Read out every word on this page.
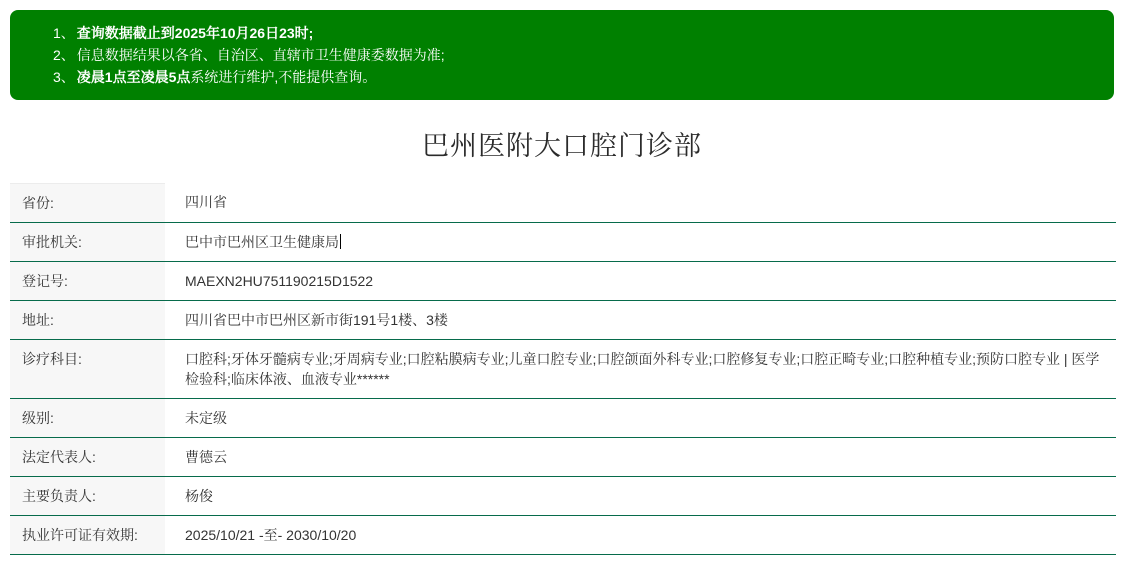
1、 查询数据截止到2025年10月26日23时;
2、 信息数据结果以各省、自治区、直辖市卫生健康委数据为准;
3、 凌晨1点至凌晨5点系统进行维护,不能提供查询。
巴州医附大口腔门诊部
省份:	四川省
审批机关:	巴中市巴州区卫生健康局
登记号:	MAEXN2HU751190215D1522
地址:	四川省巴中市巴州区新市街191号1楼、3楼
诊疗科目:	口腔科;牙体牙髓病专业;牙周病专业;口腔粘膜病专业;儿童口腔专业;口腔颌面外科专业;口腔修复专业;口腔正畸专业;口腔种植专业;预防口腔专业 | 医学检验科;临床体液、血液专业******
级别:	未定级
法定代表人:	曹德云
主要负责人:	杨俊
执业许可证有效期:	2025/10/21 -至- 2030/10/20
